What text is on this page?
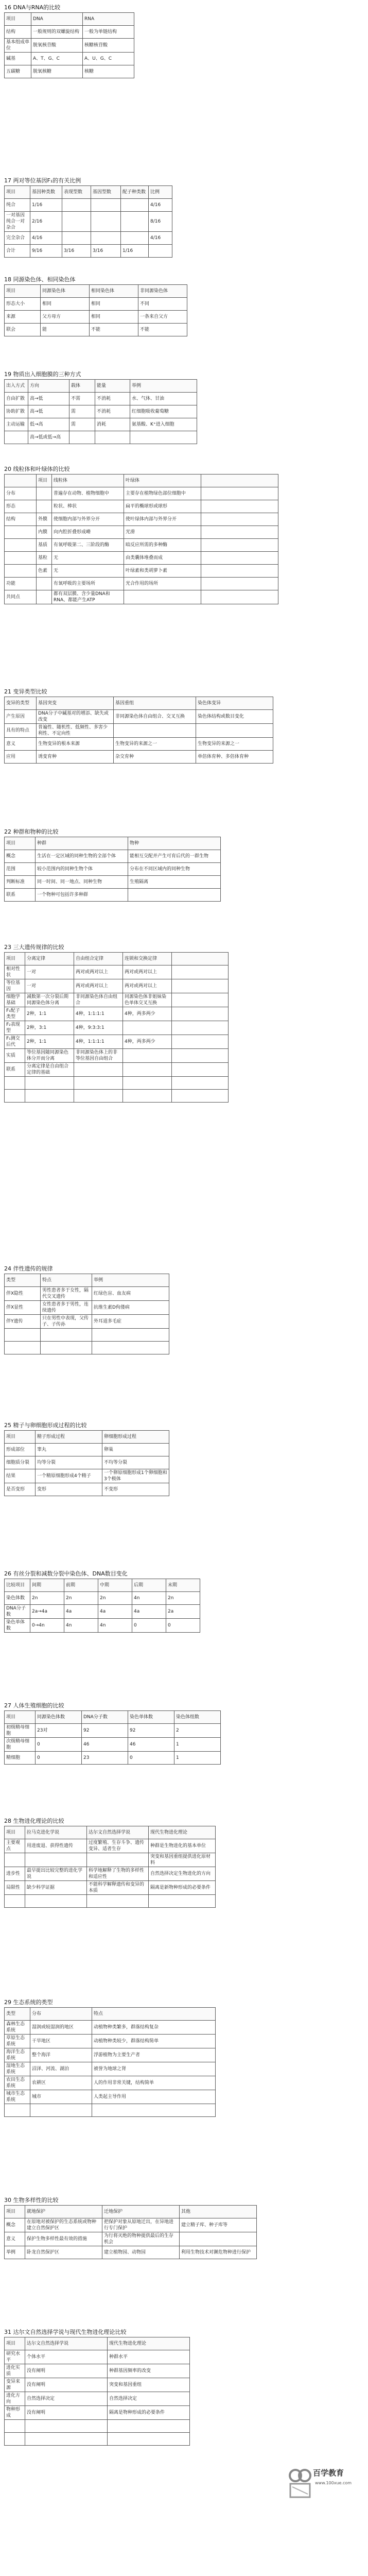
16 DNA与RNA的比较
项目	DNA	RNA
结构	一般规则的双螺旋结构	一般为单链结构
基本组成单位	脱氧核苷酸	核糖核苷酸
碱基	A、T、G、C	A、U、G、C
五碳糖	脱氧核糖	核糖
17 两对等位基因F₁的有关比例
项目	基因种类数	表现型数	基因型数	配子种类数	比例
纯合	1/16				4/16
一对基因纯合一对杂合	2/16				8/16
完全杂合	4/16				4/16
合计	9/16	3/16	3/16	1/16	
18 同源染色体、相同染色体
项目	同源染色体	相同染色体	非同源染色体
形态大小	相同	相同	不同
来源	父方母方	相同	一条来自父方
联会	能	不能	不能
19 物质出入细胞膜的三种方式
出入方式	方向	载体	能量	举例
自由扩散	高→低	不需	不消耗	水、气体、甘油
协助扩散	高→低	需	不消耗	红细胞吸收葡萄糖
主动运输	低→高	需	消耗	氨基酸、K⁺进入细胞
	高→低或低→高			
20 线粒体和叶绿体的比较
	项目	线粒体	叶绿体	
分布		普遍存在动物、植物细胞中	主要存在植物绿色部位细胞中	
形态		粒状、棒状	扁平的椭球形或球形	
结构	外膜	使细胞内部与外界分开	使叶绿体内部与外界分开	
	内膜	向内腔折叠形成嵴	光滑	
	基质	有氧呼吸第二、三阶段的酶	暗反应所需的多种酶	
	基粒	无	由类囊体堆叠而成	
	色素	无	叶绿素和类胡萝卜素	
功能		有氧呼吸的主要场所	光合作用的场所	
共同点		都有双层膜、含少量DNA和RNA、都能产生ATP		
21 变异类型比较
变异的类型	基因突变	基因重组	染色体变异
产生原因	DNA分子中碱基对的增添、缺失或改变	非同源染色体自由组合、交叉互换	染色体结构或数目变化
具有的特点	普遍性、随机性、低频性、多害少利性、不定向性		
意义	生物变异的根本来源	生物变异的来源之一	生物变异的来源之一
应用	诱变育种	杂交育种	单倍体育种、多倍体育种
22 种群和物种的比较
项目	种群	物种
概念	生活在一定区域的同种生物的全部个体	能相互交配并产生可育后代的一群生物
范围	较小范围内的同种生物个体	分布在不同区域内的同种生物
判断标准	同一时间、同一地点、同种生物	生殖隔离
联系	一个物种可包括许多种群	
23 三大遗传规律的比较
项目	分离定律	自由组合定律	连锁和交换定律	
相对性状	一对	两对或两对以上	两对或两对以上	
等位基因	一对	两对或两对以上	两对或两对以上	
细胞学基础	减数第一次分裂后期同源染色体分离	非同源染色体自由组合	同源染色体非姐妹染色单体交叉互换	
F₁配子类型	2种，1:1	4种，1:1:1:1	4种，两多两少	
F₂表现型	2种，3:1	4种，9:3:3:1		
F₁测交后代	2种，1:1	4种，1:1:1:1	4种，两多两少	
实质	等位基因随同源染色体分开而分离	非同源染色体上的非等位基因自由组合		
联系	分离定律是自由组合定律的基础			

24 伴性遗传的规律
类型	特点	举例
伴X隐性	男性患者多于女性，隔代交叉遗传	红绿色盲、血友病
伴X显性	女性患者多于男性，连续遗传	抗维生素D佝偻病
伴Y遗传	只在男性中表现，父传子、子传孙	外耳道多毛症

25 精子与卵细胞形成过程的比较
项目	精子形成过程	卵细胞形成过程
形成部位	睾丸	卵巢
细胞质分裂	均等分裂	不均等分裂
结果	一个精原细胞形成4个精子	一个卵原细胞形成1个卵细胞和3个极体
是否变形	变形	不变形
26 有丝分裂和减数分裂中染色体、DNA数目变化
比较项目	间期	前期	中期	后期	末期
染色体数	2n	2n	2n	4n	2n
DNA分子数	2a→4a	4a	4a	4a	2a
染色单体数	0→4n	4n	4n	0	0
27 人体生殖细胞的比较
项目	同源染色体数	DNA分子数	染色单体数	染色体组数
初级精母细胞	23对	92	92	2
次级精母细胞	0	46	46	1
精细胞	0	23	0	1
28 生物进化理论的比较
项目	拉马克进化学说	达尔文自然选择学说	现代生物进化理论
主要观点	用进废退、获得性遗传	过度繁殖、生存斗争、遗传变异、适者生存	种群是生物进化的基本单位
			突变和基因重组提供进化原材料
进步性	最早提出比较完整的进化学说	科学地解释了生物的多样性和适应性	自然选择决定生物进化的方向
局限性	缺少科学证据	不能科学解释遗传和变异的本质	隔离是新物种形成的必要条件

29 生态系统的类型
类型	分布	特点
森林生态系统	湿润或较湿润的地区	动植物种类繁多，群落结构复杂
草原生态系统	干旱地区	动植物种类较少，群落结构简单
海洋生态系统	整个海洋	浮游植物为主要生产者
湿地生态系统	沼泽、河流、湖泊	被誉为地球之肾
农田生态系统	农耕区	人的作用非常关键，结构简单
城市生态系统	城市	人类起主导作用

30 生物多样性的比较
项目	就地保护	迁地保护	其他
概念	在原地对被保护的生态系统或物种建立自然保护区	把保护对象从原地迁出，在异地进行专门保护	建立精子库、种子库等
意义	保护生物多样性最有效的措施	为行将灭绝的物种提供最后的生存机会	
举例	卧龙自然保护区	建立植物园、动物园	利用生物技术对濒危物种进行保护
31 达尔文自然选择学说与现代生物进化理论比较
项目	达尔文自然选择学说	现代生物进化理论
研究水平	个体水平	种群水平
进化实质	没有阐明	种群基因频率的改变
变异来源	没有阐明	突变和基因重组
进化方向	自然选择决定	自然选择决定
物种形成	没有阐明	隔离是物种形成的必要条件

百学教育
www.100xue.com
